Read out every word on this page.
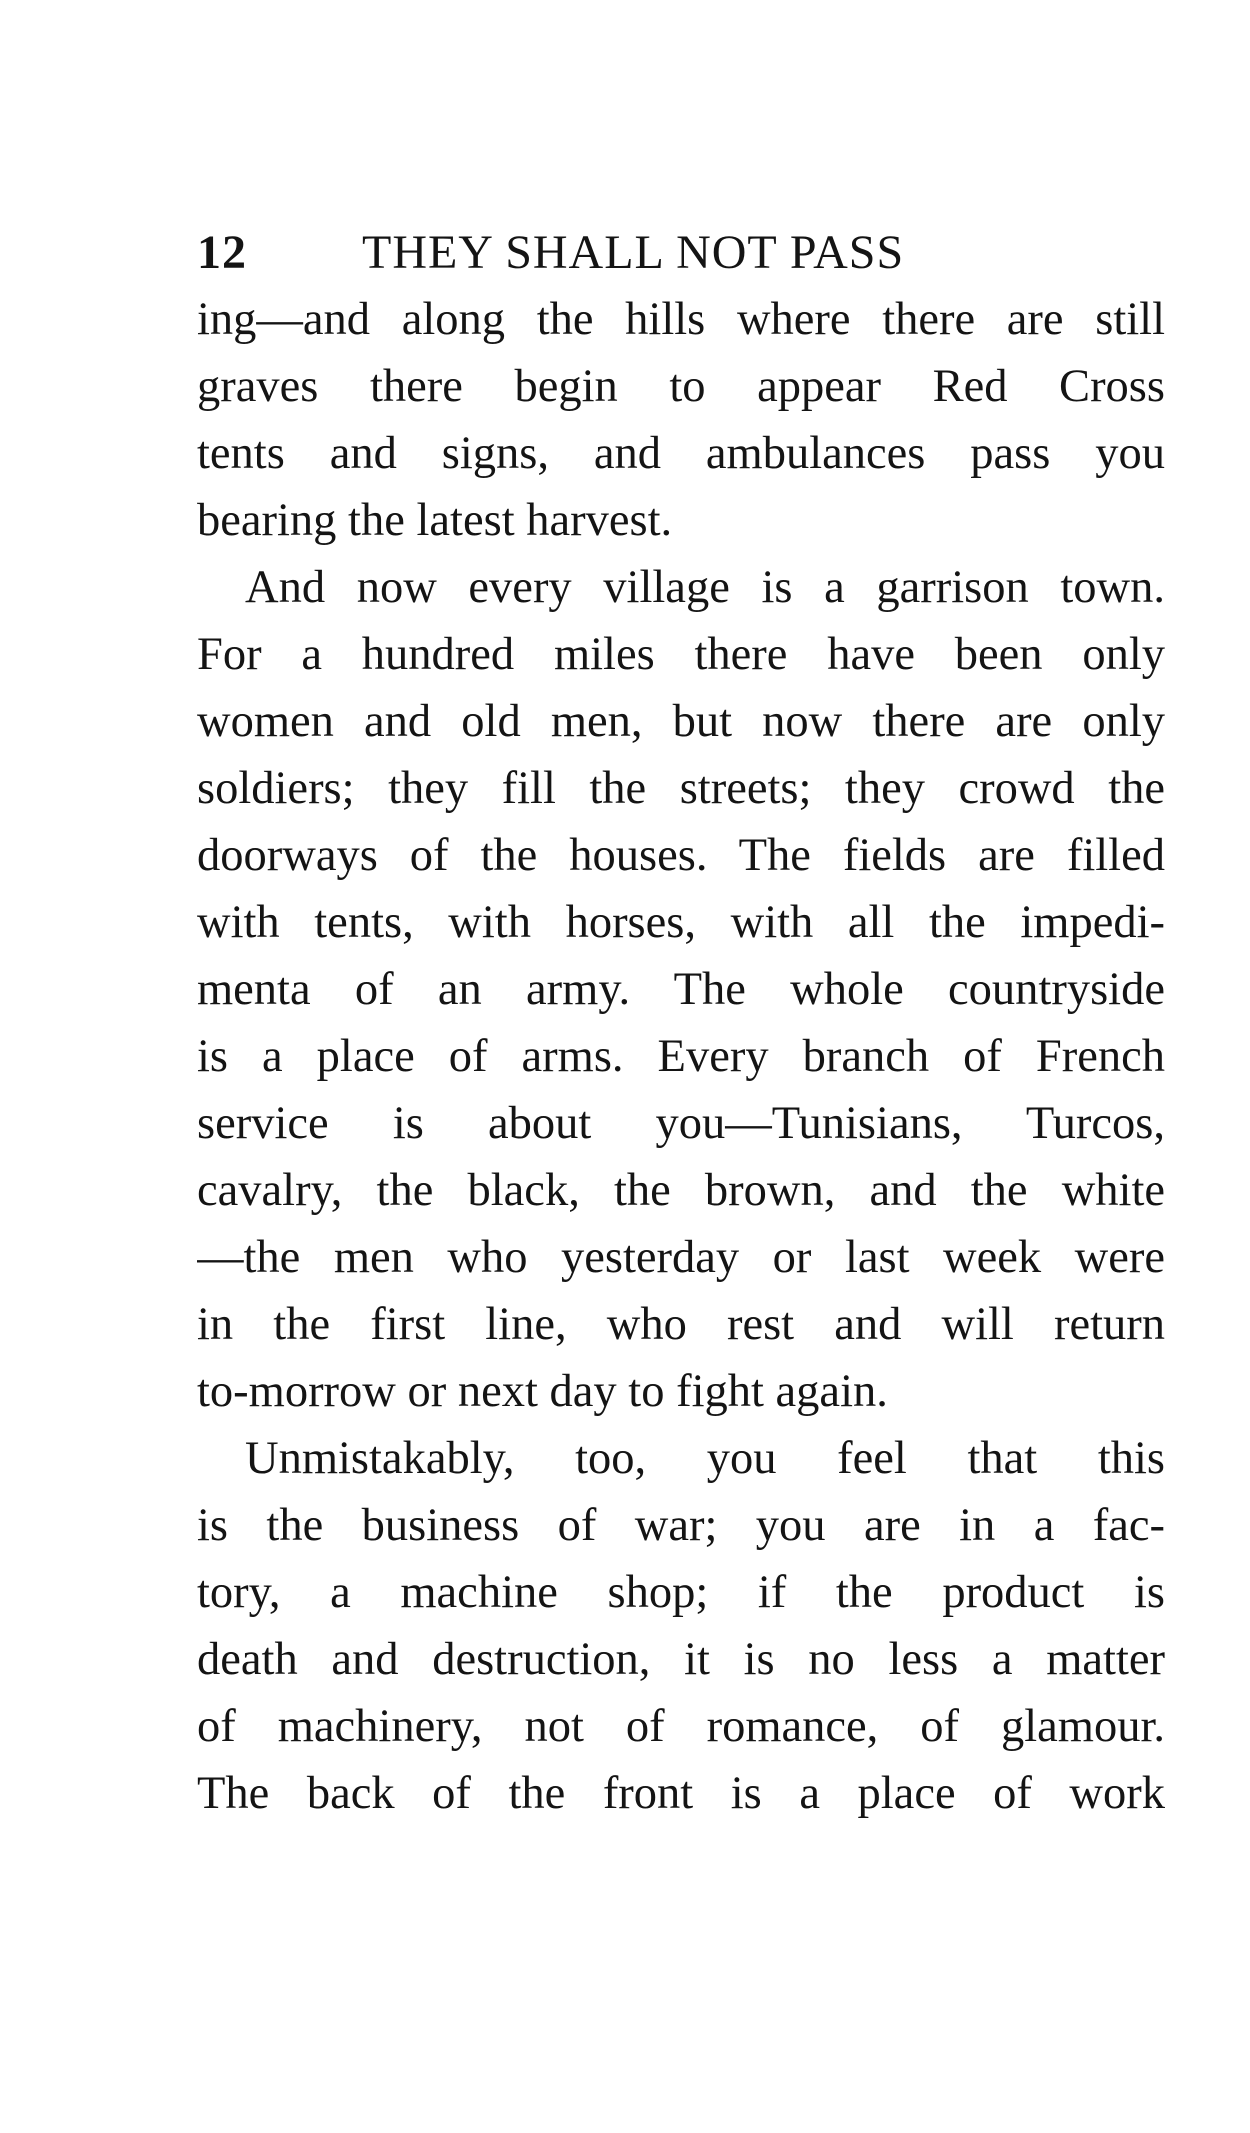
12 THEY SHALL NOT PASS
ing—and along the hills where there are still
graves there begin to appear Red Cross
tents and signs, and ambulances pass you
bearing the latest harvest.
And now every village is a garrison town.
For a hundred miles there have been only
women and old men, but now there are only
soldiers; they fill the streets; they crowd the
doorways of the houses. The fields are filled
with tents, with horses, with all the impedi-
menta of an army. The whole countryside
is a place of arms. Every branch of French
service is about you—Tunisians, Turcos,
cavalry, the black, the brown, and the white
—the men who yesterday or last week were
in the first line, who rest and will return
to-morrow or next day to fight again.
Unmistakably, too, you feel that this
is the business of war; you are in a fac-
tory, a machine shop; if the product is
death and destruction, it is no less a matter
of machinery, not of romance, of glamour.
The back of the front is a place of work
